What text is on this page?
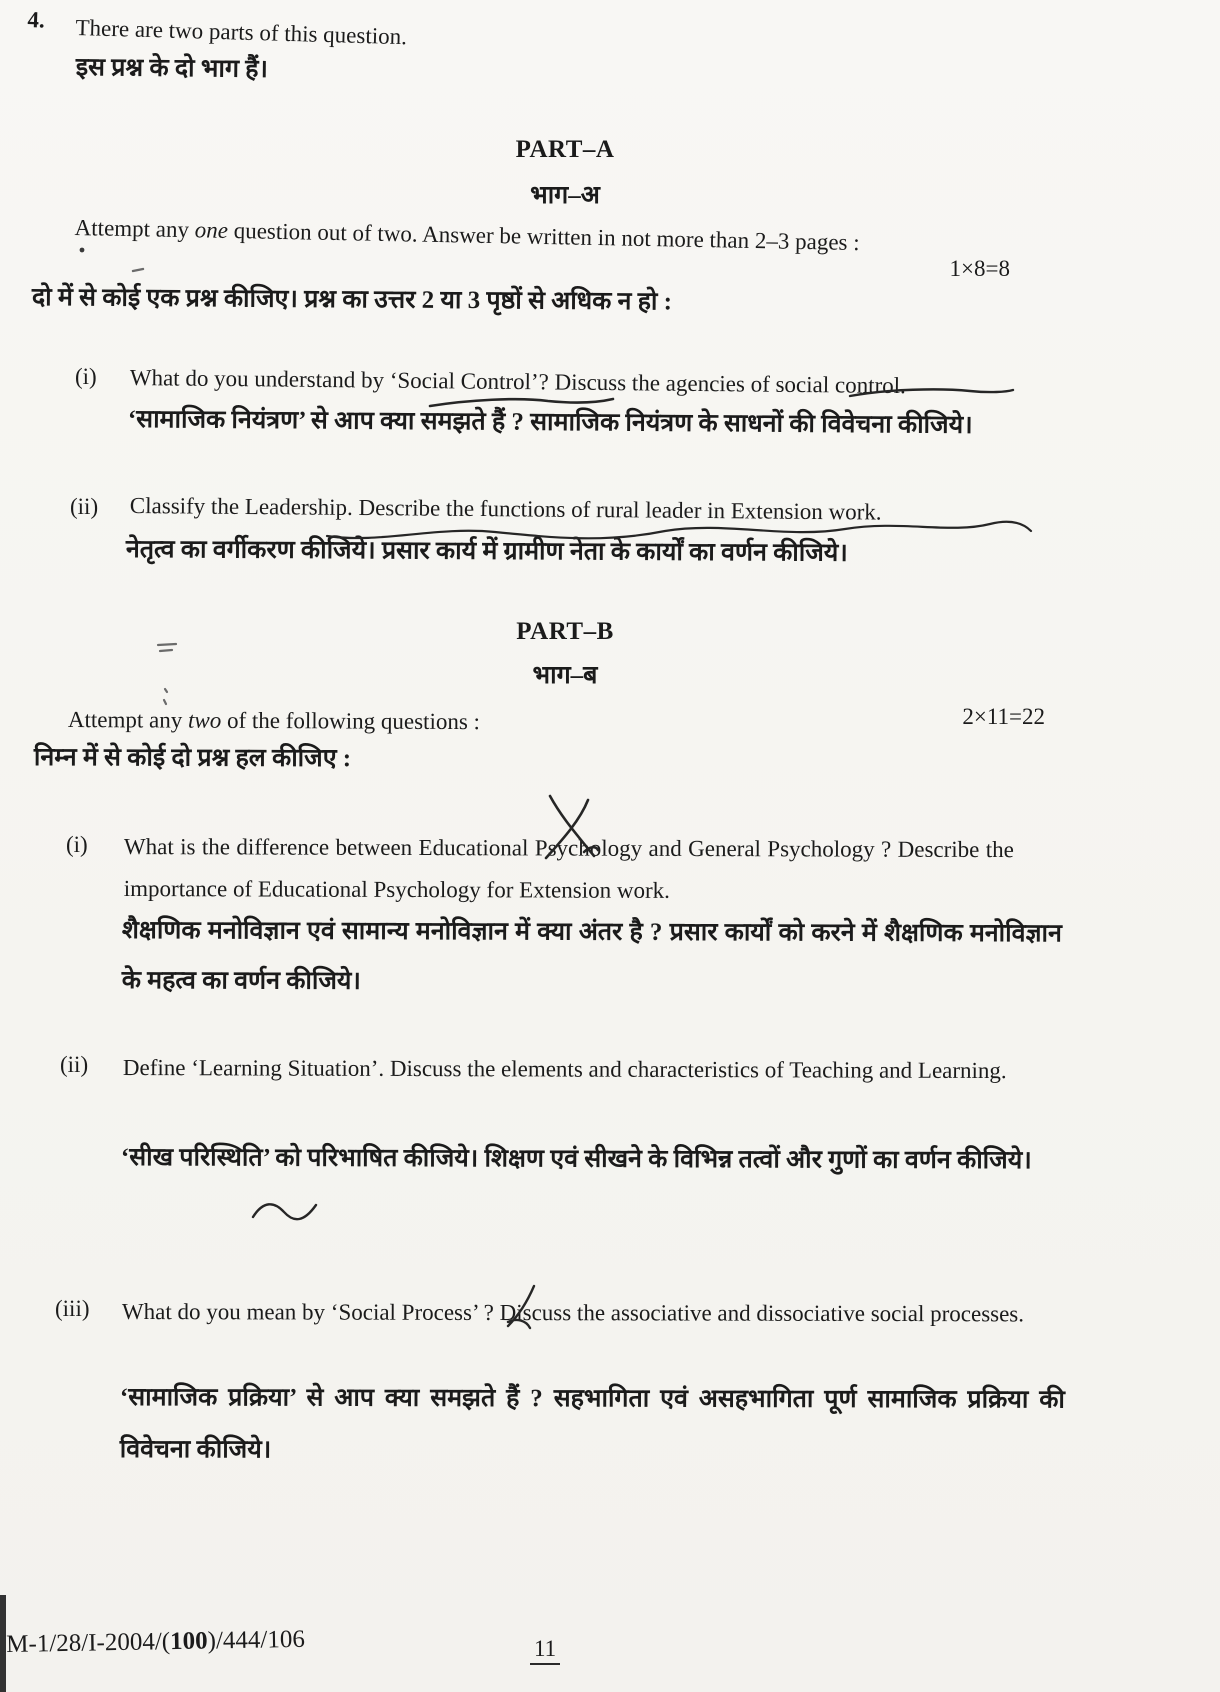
4. There are two parts of this question.
इस प्रश्न के दो भाग हैं।
PART–A
भाग–अ
Attempt any one question out of two. Answer be written in not more than 2–3 pages :
1×8=8
दो में से कोई एक प्रश्न कीजिए। प्रश्न का उत्तर 2 या 3 पृष्ठों से अधिक न हो :
(i) What do you understand by ‘Social Control’? Discuss the agencies of social control.
‘सामाजिक नियंत्रण’ से आप क्या समझते हैं ? सामाजिक नियंत्रण के साधनों की विवेचना कीजिये।
(ii) Classify the Leadership. Describe the functions of rural leader in Extension work.
नेतृत्व का वर्गीकरण कीजिये। प्रसार कार्य में ग्रामीण नेता के कार्यों का वर्णन कीजिये।
PART–B
भाग–ब
Attempt any two of the following questions :	2×11=22
निम्न में से कोई दो प्रश्न हल कीजिए :
(i) What is the difference between Educational Psychology and General Psychology ? Describe the importance of Educational Psychology for Extension work.
शैक्षणिक मनोविज्ञान एवं सामान्य मनोविज्ञान में क्या अंतर है ? प्रसार कार्यों को करने में शैक्षणिक मनोविज्ञान के महत्व का वर्णन कीजिये।
(ii) Define ‘Learning Situation’. Discuss the elements and characteristics of Teaching and Learning.
‘सीख परिस्थिति’ को परिभाषित कीजिये। शिक्षण एवं सीखने के विभिन्न तत्वों और गुणों का वर्णन कीजिये।
(iii) What do you mean by ‘Social Process’ ? Discuss the associative and dissociative social processes.
‘सामाजिक प्रक्रिया’ से आप क्या समझते हैं ? सहभागिता एवं असहभागिता पूर्ण सामाजिक प्रक्रिया की विवेचना कीजिये।
M-1/28/I-2004/(100)/444/106	11
